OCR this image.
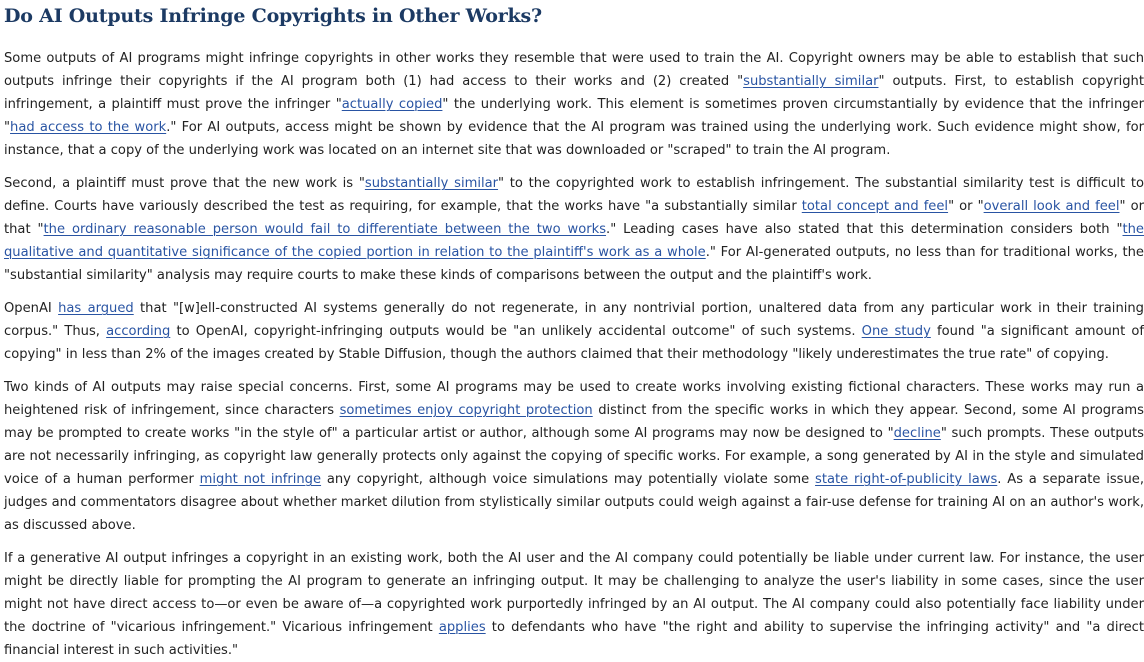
Do AI Outputs Infringe Copyrights in Other Works?

Some outputs of AI programs might infringe copyrights in other works they resemble that were used to train the AI. Copyright owners may be able to establish that such outputs infringe their copyrights if the AI program both (1) had access to their works and (2) created "substantially similar" outputs. First, to establish copyright infringement, a plaintiff must prove the infringer "actually copied" the underlying work. This element is sometimes proven circumstantially by evidence that the infringer "had access to the work." For AI outputs, access might be shown by evidence that the AI program was trained using the underlying work. Such evidence might show, for instance, that a copy of the underlying work was located on an internet site that was downloaded or "scraped" to train the AI program.

Second, a plaintiff must prove that the new work is "substantially similar" to the copyrighted work to establish infringement. The substantial similarity test is difficult to define. Courts have variously described the test as requiring, for example, that the works have "a substantially similar total concept and feel" or "overall look and feel" or that "the ordinary reasonable person would fail to differentiate between the two works." Leading cases have also stated that this determination considers both "the qualitative and quantitative significance of the copied portion in relation to the plaintiff's work as a whole." For AI-generated outputs, no less than for traditional works, the "substantial similarity" analysis may require courts to make these kinds of comparisons between the output and the plaintiff's work.

OpenAI has argued that "[w]ell-constructed AI systems generally do not regenerate, in any nontrivial portion, unaltered data from any particular work in their training corpus." Thus, according to OpenAI, copyright-infringing outputs would be "an unlikely accidental outcome" of such systems. One study found "a significant amount of copying" in less than 2% of the images created by Stable Diffusion, though the authors claimed that their methodology "likely underestimates the true rate" of copying.

Two kinds of AI outputs may raise special concerns. First, some AI programs may be used to create works involving existing fictional characters. These works may run a heightened risk of infringement, since characters sometimes enjoy copyright protection distinct from the specific works in which they appear. Second, some AI programs may be prompted to create works "in the style of" a particular artist or author, although some AI programs may now be designed to "decline" such prompts. These outputs are not necessarily infringing, as copyright law generally protects only against the copying of specific works. For example, a song generated by AI in the style and simulated voice of a human performer might not infringe any copyright, although voice simulations may potentially violate some state right-of-publicity laws. As a separate issue, judges and commentators disagree about whether market dilution from stylistically similar outputs could weigh against a fair-use defense for training AI on an author's work, as discussed above.

If a generative AI output infringes a copyright in an existing work, both the AI user and the AI company could potentially be liable under current law. For instance, the user might be directly liable for prompting the AI program to generate an infringing output. It may be challenging to analyze the user's liability in some cases, since the user might not have direct access to—or even be aware of—a copyrighted work purportedly infringed by an AI output. The AI company could also potentially face liability under the doctrine of "vicarious infringement." Vicarious infringement applies to defendants who have "the right and ability to supervise the infringing activity" and "a direct financial interest in such activities."
